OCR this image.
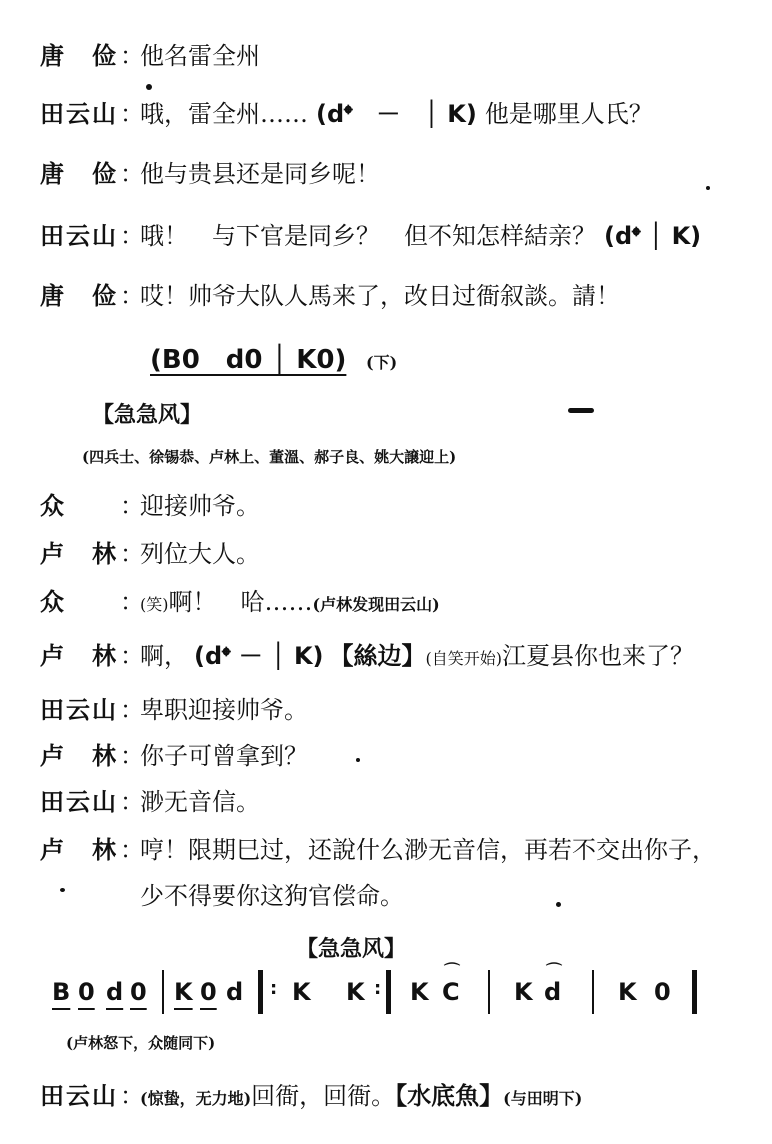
唐　俭：他名雷全州
田云山：哦，雷全州…… (d𝄌　－　│ K) 他是哪里人氏？
唐　俭：他与贵县还是同乡呢！
田云山：哦！　与下官是同乡？　但不知怎样結亲？ (d𝄌 │ K)
唐　俭：哎！帅爷大队人馬来了，改日过衙叙談。請！
(B0　d0 │ K0) (下)
【急急风】
(四兵士、徐锡恭、卢林上、董溫、郝子良、姚大譲迎上)
众 ：迎接帅爷。
卢　林：列位大人。
众 ：(笑)啊！　哈……(卢林发现田云山)
卢　林：啊， (d𝄌 － │ K) 【絲边】(自笑开始)江夏县你也来了？
田云山：卑职迎接帅爷。
卢　林：你子可曾拿到？
田云山：渺无音信。
卢　林：哼！限期巳过，还說什么渺无音信，再若不交出你子，
少不得要你这狗官偿命。
【急急风】
B 0 d 0 K 0 d : K K : K C
⌒
K d
⌒
K 0
(卢林怒下，众随同下)
田云山：(惊蛰，无力地)回衙，回衙。【水底魚】(与田明下)
